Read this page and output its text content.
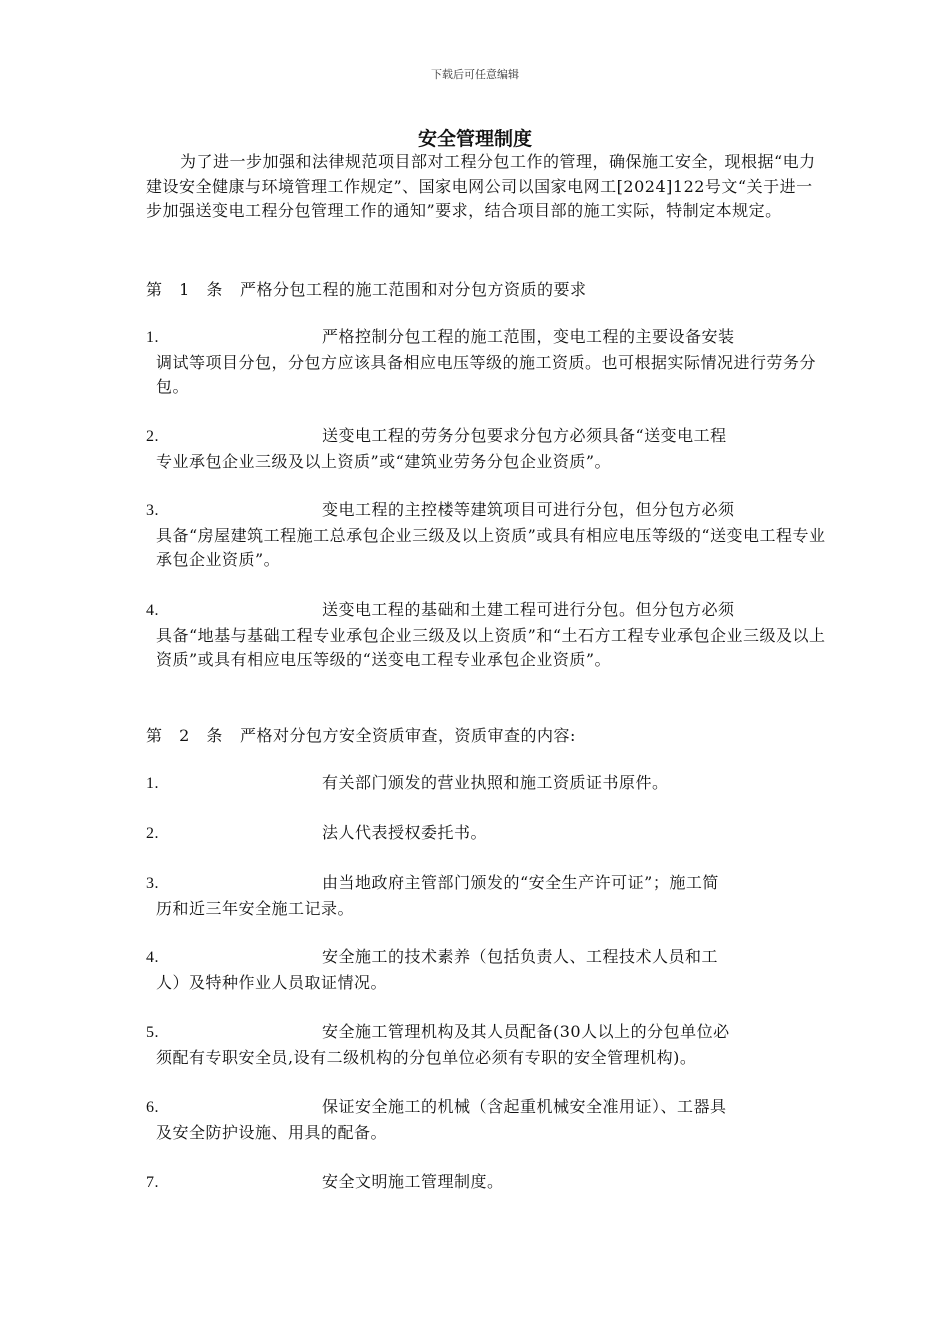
下载后可任意编辑
安全管理制度

为了进一步加强和法律规范项目部对工程分包工作的管理，确保施工安全，现根据“电力建设安全健康与环境管理工作规定”、国家电网公司以国家电网工[2024]122号文“关于进一步加强送变电工程分包管理工作的通知”要求，结合项目部的施工实际，特制定本规定。

第 1 条 严格分包工程的施工范围和对分包方资质的要求
1.	严格控制分包工程的施工范围，变电工程的主要设备安装
调试等项目分包，分包方应该具备相应电压等级的施工资质。也可根据实际情况进行劳务分包。
2.	送变电工程的劳务分包要求分包方必须具备“送变电工程
专业承包企业三级及以上资质”或“建筑业劳务分包企业资质”。
3.	变电工程的主控楼等建筑项目可进行分包，但分包方必须
具备“房屋建筑工程施工总承包企业三级及以上资质”或具有相应电压等级的“送变电工程专业承包企业资质”。
4.	送变电工程的基础和土建工程可进行分包。但分包方必须
具备“地基与基础工程专业承包企业三级及以上资质”和“土石方工程专业承包企业三级及以上资质”或具有相应电压等级的“送变电工程专业承包企业资质”。
第 2 条 严格对分包方安全资质审查，资质审查的内容:
1.	有关部门颁发的营业执照和施工资质证书原件。
2.	法人代表授权委托书。
3.	由当地政府主管部门颁发的“安全生产许可证”；施工简
历和近三年安全施工记录。
4.	安全施工的技术素养（包括负责人、工程技术人员和工
人）及特种作业人员取证情况。
5.	安全施工管理机构及其人员配备(30人以上的分包单位必
须配有专职安全员,设有二级机构的分包单位必须有专职的安全管理机构)。
6.	保证安全施工的机械（含起重机械安全准用证）、工器具
及安全防护设施、用具的配备。
7.	安全文明施工管理制度。
